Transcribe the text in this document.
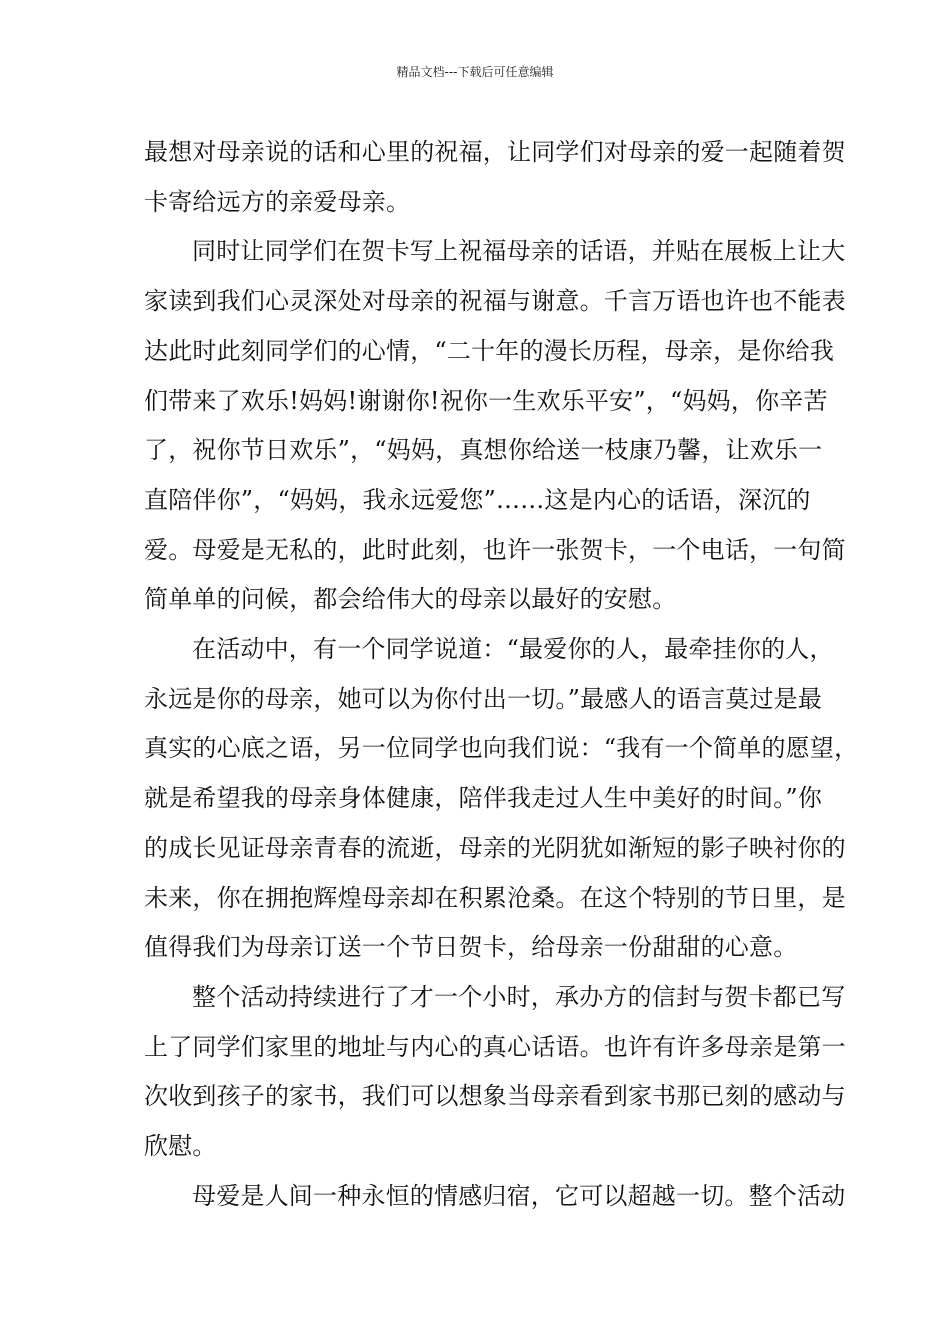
精品文档---下载后可任意编辑

最想对母亲说的话和心里的祝福，让同学们对母亲的爱一起随着贺
卡寄给远方的亲爱母亲。

同时让同学们在贺卡写上祝福母亲的话语，并贴在展板上让大
家读到我们心灵深处对母亲的祝福与谢意。千言万语也许也不能表
达此时此刻同学们的心情，“二十年的漫长历程，母亲，是你给我
们带来了欢乐!妈妈!谢谢你!祝你一生欢乐平安”，“妈妈，你辛苦
了，祝你节日欢乐”，“妈妈，真想你给送一枝康乃馨，让欢乐一
直陪伴你”，“妈妈，我永远爱您”……这是内心的话语，深沉的
爱。母爱是无私的，此时此刻，也许一张贺卡，一个电话，一句简
简单单的问候，都会给伟大的母亲以最好的安慰。

在活动中，有一个同学说道：“最爱你的人，最牵挂你的人，
永远是你的母亲，她可以为你付出一切。”最感人的语言莫过是最
真实的心底之语，另一位同学也向我们说：“我有一个简单的愿望，
就是希望我的母亲身体健康，陪伴我走过人生中美好的时间。”你
的成长见证母亲青春的流逝，母亲的光阴犹如渐短的影子映衬你的
未来，你在拥抱辉煌母亲却在积累沧桑。在这个特别的节日里，是
值得我们为母亲订送一个节日贺卡，给母亲一份甜甜的心意。

整个活动持续进行了才一个小时，承办方的信封与贺卡都已写
上了同学们家里的地址与内心的真心话语。也许有许多母亲是第一
次收到孩子的家书，我们可以想象当母亲看到家书那已刻的感动与
欣慰。

母爱是人间一种永恒的情感归宿，它可以超越一切。整个活动
